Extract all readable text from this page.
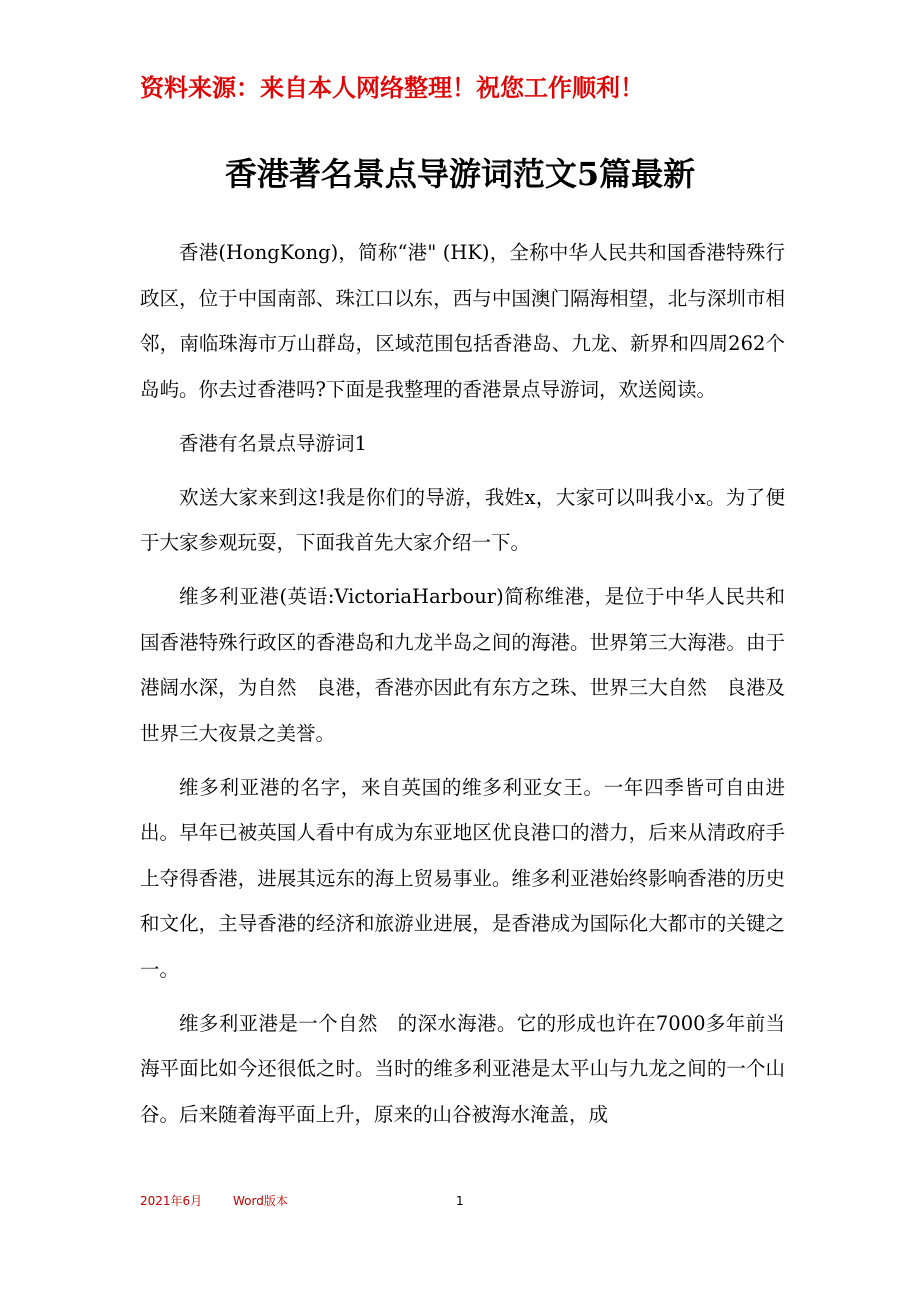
资料来源：来自本人网络整理！祝您工作顺利！
香港著名景点导游词范文5篇最新

香港(HongKong)，简称“港" (HK)，全称中华人民共和国香港特殊行政区，位于中国南部、珠江口以东，西与中国澳门隔海相望，北与深圳市相邻，南临珠海市万山群岛，区域范围包括香港岛、九龙、新界和四周262个岛屿。你去过香港吗?下面是我整理的香港景点导游词，欢送阅读。

香港有名景点导游词1

欢送大家来到这!我是你们的导游，我姓x，大家可以叫我小x。为了便于大家参观玩耍，下面我首先大家介绍一下。

维多利亚港(英语:VictoriaHarbour)简称维港，是位于中华人民共和国香港特殊行政区的香港岛和九龙半岛之间的海港。世界第三大海港。由于港阔水深，为自然　良港，香港亦因此有东方之珠、世界三大自然　良港及世界三大夜景之美誉。

维多利亚港的名字，来自英国的维多利亚女王。一年四季皆可自由进出。早年已被英国人看中有成为东亚地区优良港口的潜力，后来从清政府手上夺得香港，进展其远东的海上贸易事业。维多利亚港始终影响香港的历史和文化，主导香港的经济和旅游业进展，是香港成为国际化大都市的关键之一。

维多利亚港是一个自然　的深水海港。它的形成也许在7000多年前当海平面比如今还很低之时。当时的维多利亚港是太平山与九龙之间的一个山谷。后来随着海平面上升，原来的山谷被海水淹盖，成

2021年6月	Word版本	1
